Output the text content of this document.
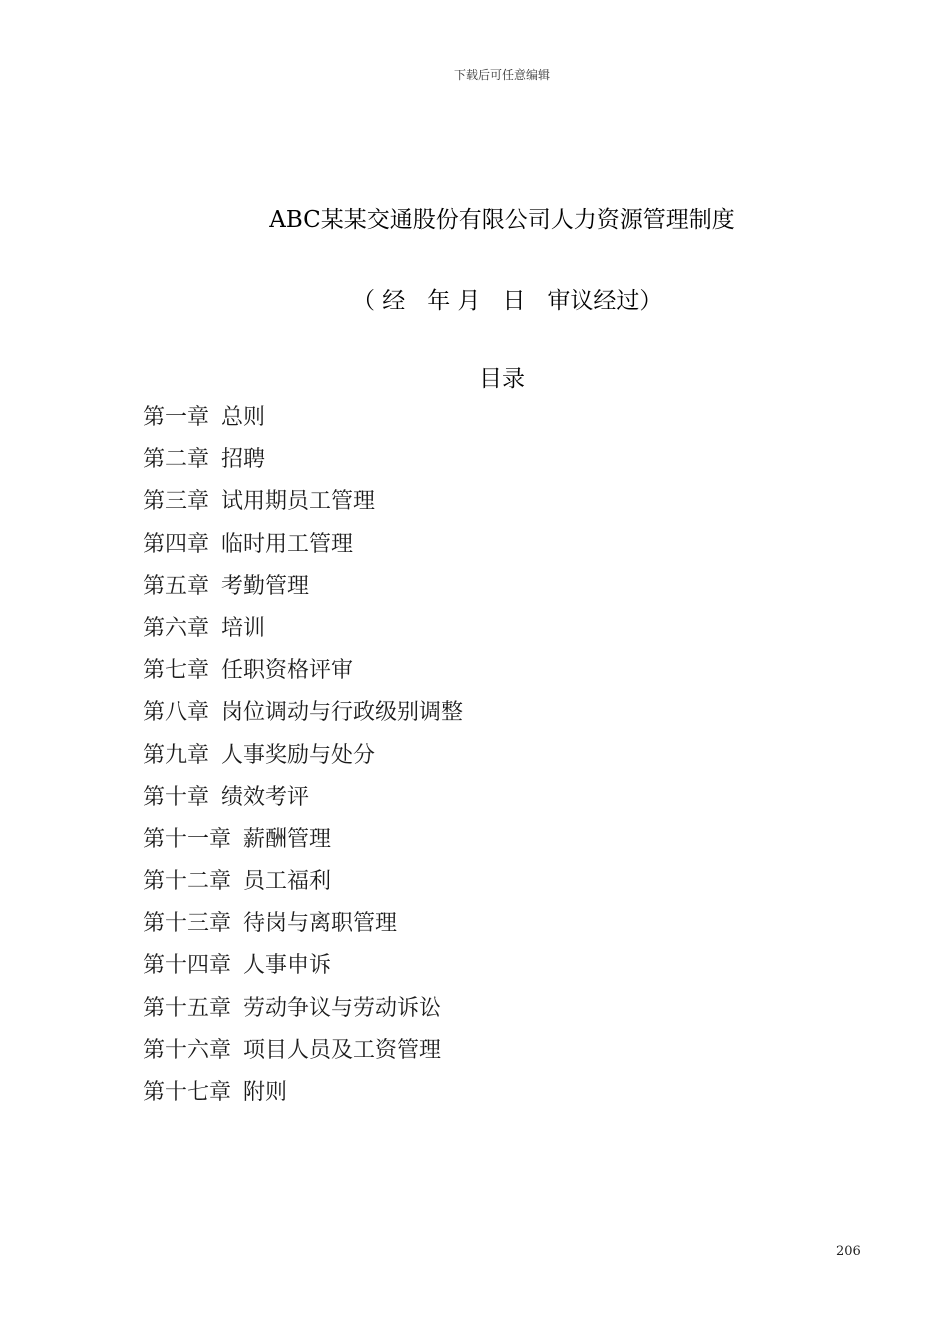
下载后可任意编辑
ABC某某交通股份有限公司人力资源管理制度
（ 经   年 月   日   审议经过）
目录
第一章 总则
第二章 招聘
第三章 试用期员工管理
第四章 临时用工管理
第五章 考勤管理
第六章 培训
第七章 任职资格评审
第八章 岗位调动与行政级别调整
第九章 人事奖励与处分
第十章 绩效考评
第十一章 薪酬管理
第十二章 员工福利
第十三章 待岗与离职管理
第十四章 人事申诉
第十五章 劳动争议与劳动诉讼
第十六章 项目人员及工资管理
第十七章 附则
206
